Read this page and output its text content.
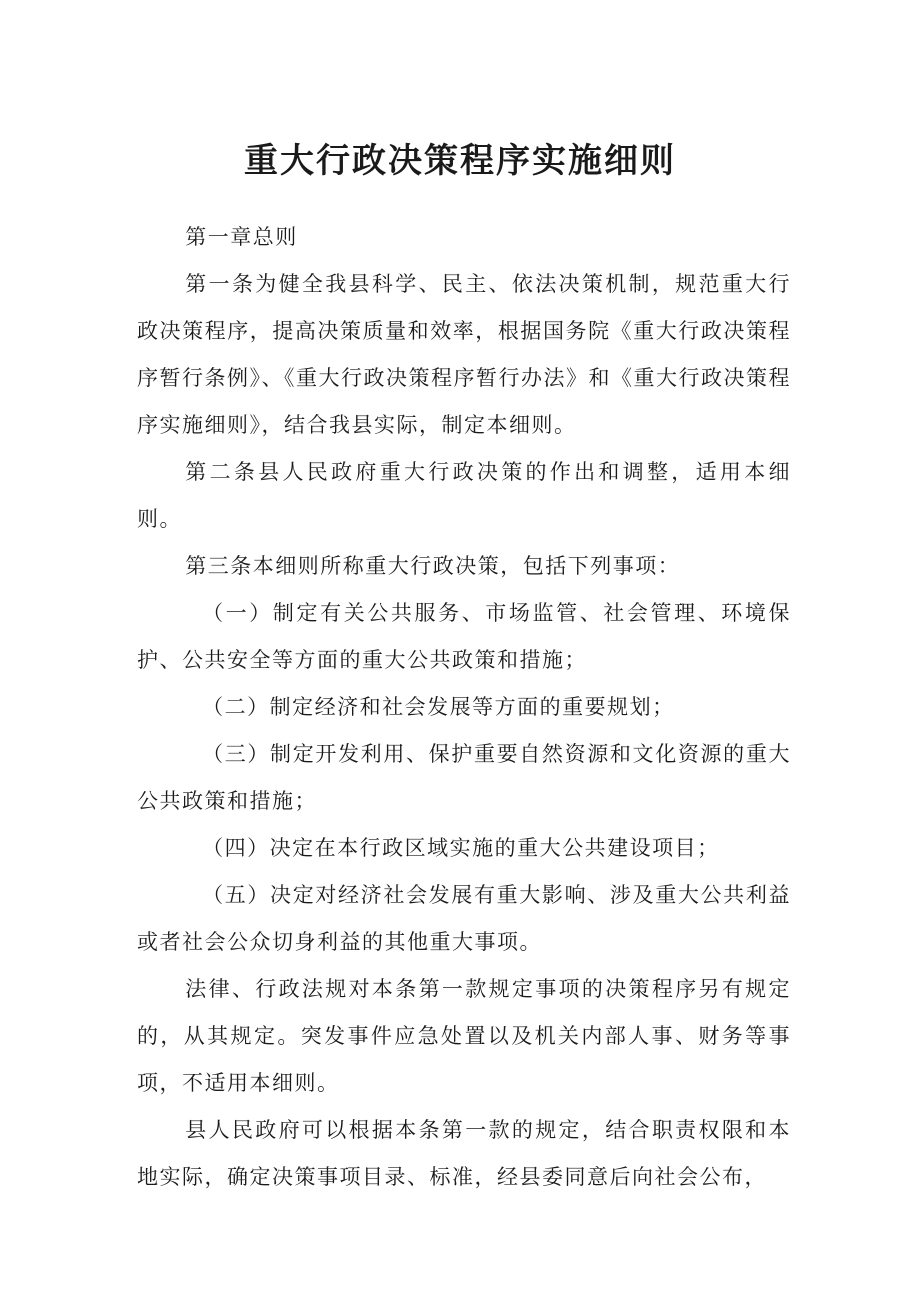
重大行政决策程序实施细则

第一章总则

第一条为健全我县科学、民主、依法决策机制，规范重大行政决策程序，提高决策质量和效率，根据国务院《重大行政决策程序暂行条例》、《重大行政决策程序暂行办法》和《重大行政决策程序实施细则》，结合我县实际，制定本细则。

第二条县人民政府重大行政决策的作出和调整，适用本细则。

第三条本细则所称重大行政决策，包括下列事项：

（一）制定有关公共服务、市场监管、社会管理、环境保护、公共安全等方面的重大公共政策和措施；

（二）制定经济和社会发展等方面的重要规划；

（三）制定开发利用、保护重要自然资源和文化资源的重大公共政策和措施；

（四）决定在本行政区域实施的重大公共建设项目；

（五）决定对经济社会发展有重大影响、涉及重大公共利益或者社会公众切身利益的其他重大事项。

法律、行政法规对本条第一款规定事项的决策程序另有规定的，从其规定。突发事件应急处置以及机关内部人事、财务等事项，不适用本细则。

县人民政府可以根据本条第一款的规定，结合职责权限和本地实际，确定决策事项目录、标准，经县委同意后向社会公布，
